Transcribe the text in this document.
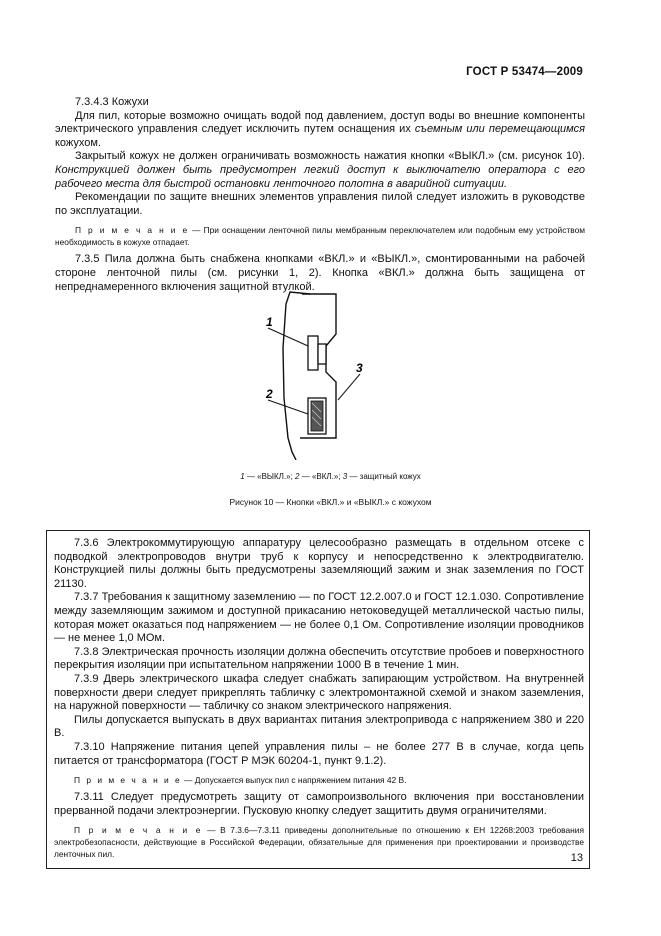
ГОСТ Р 53474—2009

7.3.4.3 Кожухи

Для пил, которые возможно очищать водой под давлением, доступ воды во внешние компоненты электрического управления следует исключить путем оснащения их съемным или перемещающимся кожухом.

Закрытый кожух не должен ограничивать возможность нажатия кнопки «ВЫКЛ.» (см. рисунок 10). Конструкцией должен быть предусмотрен легкий доступ к выключателю оператора с его рабочего места для быстрой остановки ленточного полотна в аварийной ситуации.

Рекомендации по защите внешних элементов управления пилой следует изложить в руководстве по эксплуатации.

П р и м е ч а н и е — При оснащении ленточной пилы мембранным переключателем или подобным ему устройством необходимость в кожухе отпадает.

7.3.5 Пила должна быть снабжена кнопками «ВКЛ.» и «ВЫКЛ.», смонтированными на рабочей стороне ленточной пилы (см. рисунки 1, 2). Кнопка «ВКЛ.» должна быть защищена от непреднамеренного включения защитной втулкой.

1
2
3
1 — «ВЫКЛ.»; 2 — «ВКЛ.»; 3 — защитный кожух
Рисунок 10 — Кнопки «ВКЛ.» и «ВЫКЛ.» с кожухом

7.3.6 Электрокоммутирующую аппаратуру целесообразно размещать в отдельном отсеке с подводкой электропроводов внутри труб к корпусу и непосредственно к электродвигателю. Конструкцией пилы должны быть предусмотрены заземляющий зажим и знак заземления по ГОСТ 21130.

7.3.7 Требования к защитному заземлению — по ГОСТ 12.2.007.0 и ГОСТ 12.1.030. Сопротивление между заземляющим зажимом и доступной прикасанию нетоковедущей металлической частью пилы, которая может оказаться под напряжением — не более 0,1 Ом. Сопротивление изоляции проводников — не менее 1,0 МОм.

7.3.8 Электрическая прочность изоляции должна обеспечить отсутствие пробоев и поверхностного перекрытия изоляции при испытательном напряжении 1000 В в течение 1 мин.

7.3.9 Дверь электрического шкафа следует снабжать запирающим устройством. На внутренней поверхности двери следует прикреплять табличку с электромонтажной схемой и знаком заземления, на наружной поверхности — табличку со знаком электрического напряжения.

Пилы допускается выпускать в двух вариантах питания электропривода с напряжением 380 и 220 В.

7.3.10 Напряжение питания цепей управления пилы – не более 277 В в случае, когда цепь питается от трансформатора (ГОСТ Р МЭК 60204-1, пункт 9.1.2).

П р и м е ч а н и е — Допускается выпуск пил с напряжением питания 42 В.

7.3.11 Следует предусмотреть защиту от самопроизвольного включения при восстановлении прерванной подачи электроэнергии. Пусковую кнопку следует защитить двумя ограничителями.

П р и м е ч а н и е — В 7.3.6—7.3.11 приведены дополнительные по отношению к ЕН 12268:2003 требования электробезопасности, действующие в Российской Федерации, обязательные для применения при проектировании и производстве ленточных пил.	13
